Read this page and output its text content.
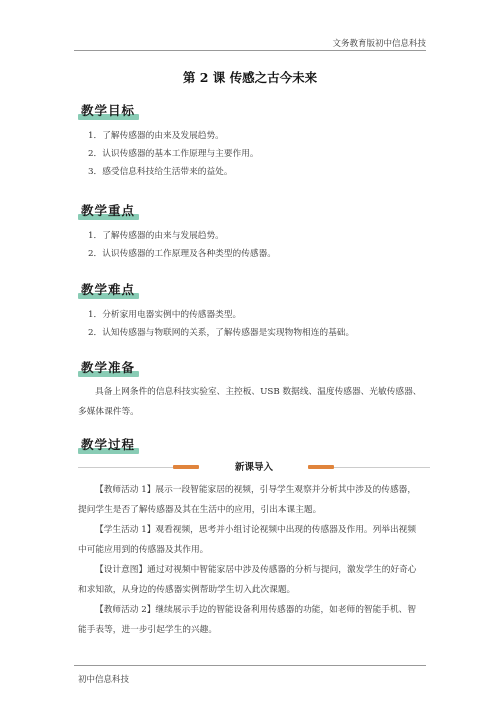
文务教育版初中信息科技
第 2 课 传感之古今未来
教学目标
1．了解传感器的由来及发展趋势。
2．认识传感器的基本工作原理与主要作用。
3．感受信息科技给生活带来的益处。
教学重点
1．了解传感器的由来与发展趋势。
2．认识传感器的工作原理及各种类型的传感器。
教学难点
1．分析家用电器实例中的传感器类型。
2．认知传感器与物联网的关系，了解传感器是实现物物相连的基础。
教学准备

具备上网条件的信息科技实验室、主控板、USB 数据线、温度传感器、光敏传感器、

多媒体课件等。

教学过程
新课导入

【教师活动 1】展示一段智能家居的视频，引导学生观察并分析其中涉及的传感器，

提问学生是否了解传感器及其在生活中的应用，引出本课主题。

【学生活动 1】观看视频，思考并小组讨论视频中出现的传感器及作用。列举出视频

中可能应用到的传感器及其作用。

【设计意图】通过对视频中智能家居中涉及传感器的分析与提问，激发学生的好奇心

和求知欲，从身边的传感器实例帮助学生切入此次课题。

【教师活动 2】继续展示手边的智能设备利用传感器的功能，如老师的智能手机、智

能手表等，进一步引起学生的兴趣。

初中信息科技
